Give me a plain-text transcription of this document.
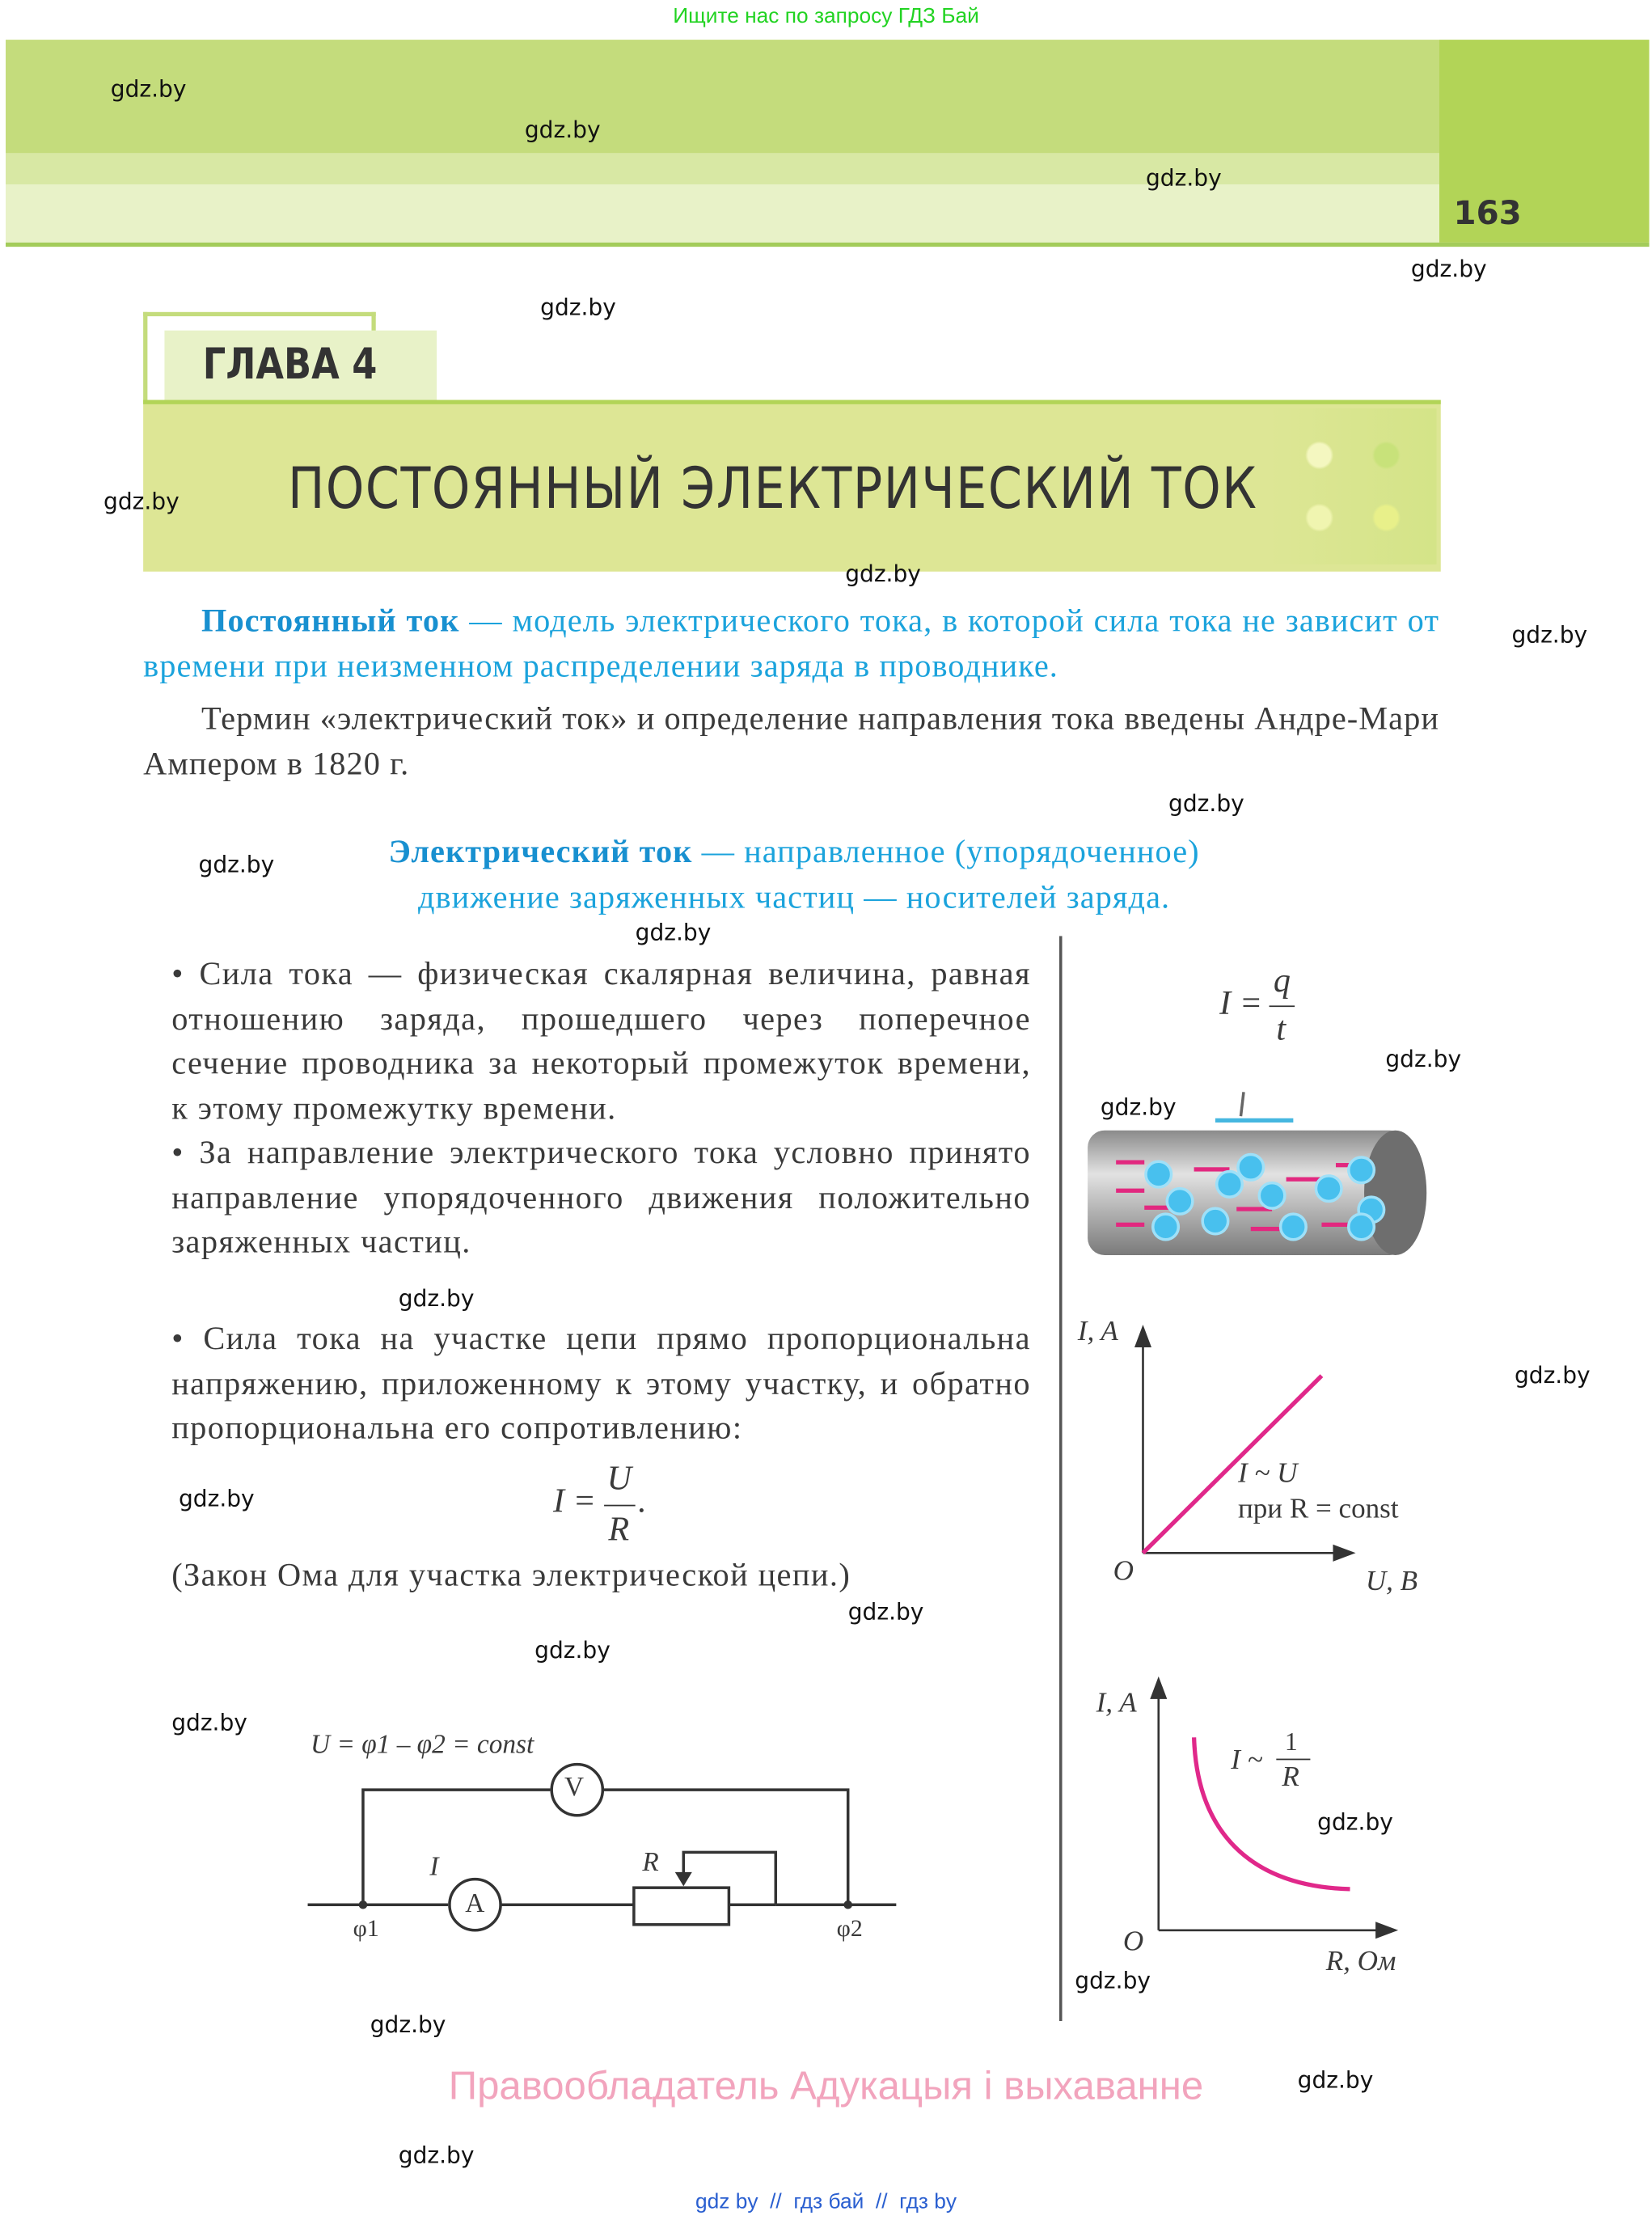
Ищите нас по запросу ГДЗ Бай
163
ГЛАВА 4
ПОСТОЯННЫЙ ЭЛЕКТРИЧЕСКИЙ ТОК
Постоянный ток — модель электрического тока, в которой сила тока не зависит от времени при неизменном распределении заряда в проводнике.
Термин «электрический ток» и определение направления тока введены Андре-Мари Ампером в 1820 г.
Электрический ток — направленное (упорядоченное)
движение заряженных частиц — носителей заряда.
• Сила тока — физическая скалярная величина, равная отношению заряда, прошедшего через поперечное сечение проводника за некоторый промежуток времени, к этому промежутку времени.
• За направление электрического тока условно принято направление упорядоченного движения положительно заряженных частиц.
• Сила тока на участке цепи прямо пропорциональна напряжению, приложенному к этому участку, и обратно пропорциональна его сопротивлению:
I =
U
R
.
(Закон Ома для участка электрической цепи.)
I =
q
t
I, A
U, B
O
I ~ U
при R = const
I, A
R, Ом
O
I ~
1
R
U = φ1 – φ2 = const
V
A
I	R
φ1	φ2
Правообладатель Адукацыя і выхаванне
gdz by  //  гдз бай  //  гдз by
gdz.by
gdz.by
gdz.by
gdz.by
gdz.by
gdz.by
gdz.by
gdz.by
gdz.by
gdz.by
gdz.by
gdz.by
gdz.by
gdz.by
gdz.by
gdz.by
gdz.by
gdz.by
gdz.by
gdz.by
gdz.by
gdz.by
gdz.by
gdz.by
